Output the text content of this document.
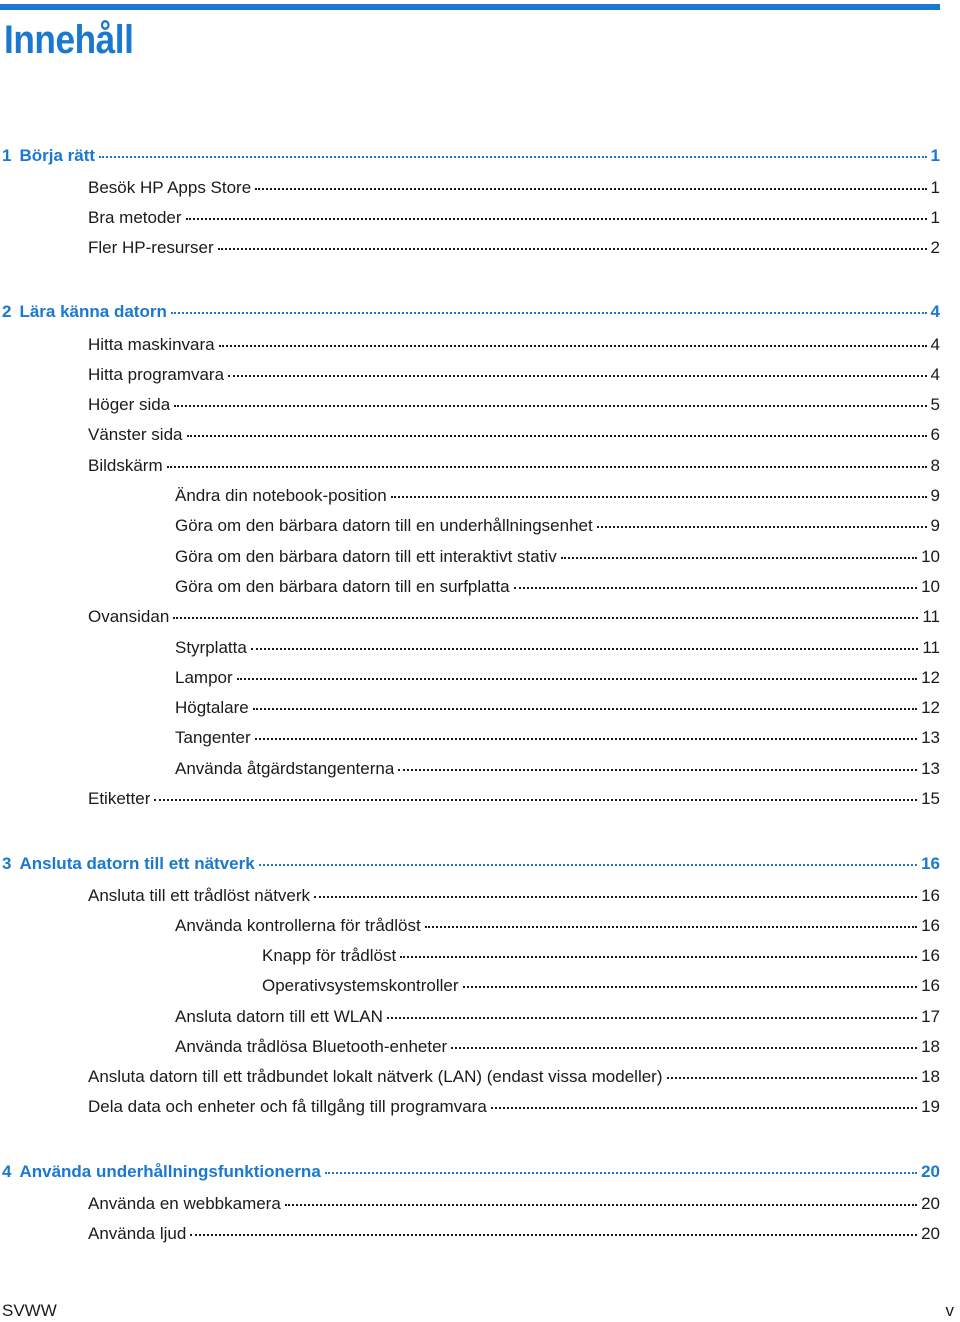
Innehåll
1 Börja rätt	1
Besök HP Apps Store	1
Bra metoder	1
Fler HP-resurser	2
2 Lära känna datorn	4
Hitta maskinvara	4
Hitta programvara	4
Höger sida	5
Vänster sida	6
Bildskärm	8
Ändra din notebook-position	9
Göra om den bärbara datorn till en underhållningsenhet	9
Göra om den bärbara datorn till ett interaktivt stativ	10
Göra om den bärbara datorn till en surfplatta	10
Ovansidan	11
Styrplatta	11
Lampor	12
Högtalare	12
Tangenter	13
Använda åtgärdstangenterna	13
Etiketter	15
3 Ansluta datorn till ett nätverk	16
Ansluta till ett trådlöst nätverk	16
Använda kontrollerna för trådlöst	16
Knapp för trådlöst	16
Operativsystemskontroller	16
Ansluta datorn till ett WLAN	17
Använda trådlösa Bluetooth-enheter	18
Ansluta datorn till ett trådbundet lokalt nätverk (LAN) (endast vissa modeller)	18
Dela data och enheter och få tillgång till programvara	19
4 Använda underhållningsfunktionerna	20
Använda en webbkamera	20
Använda ljud	20
SVWW	v
